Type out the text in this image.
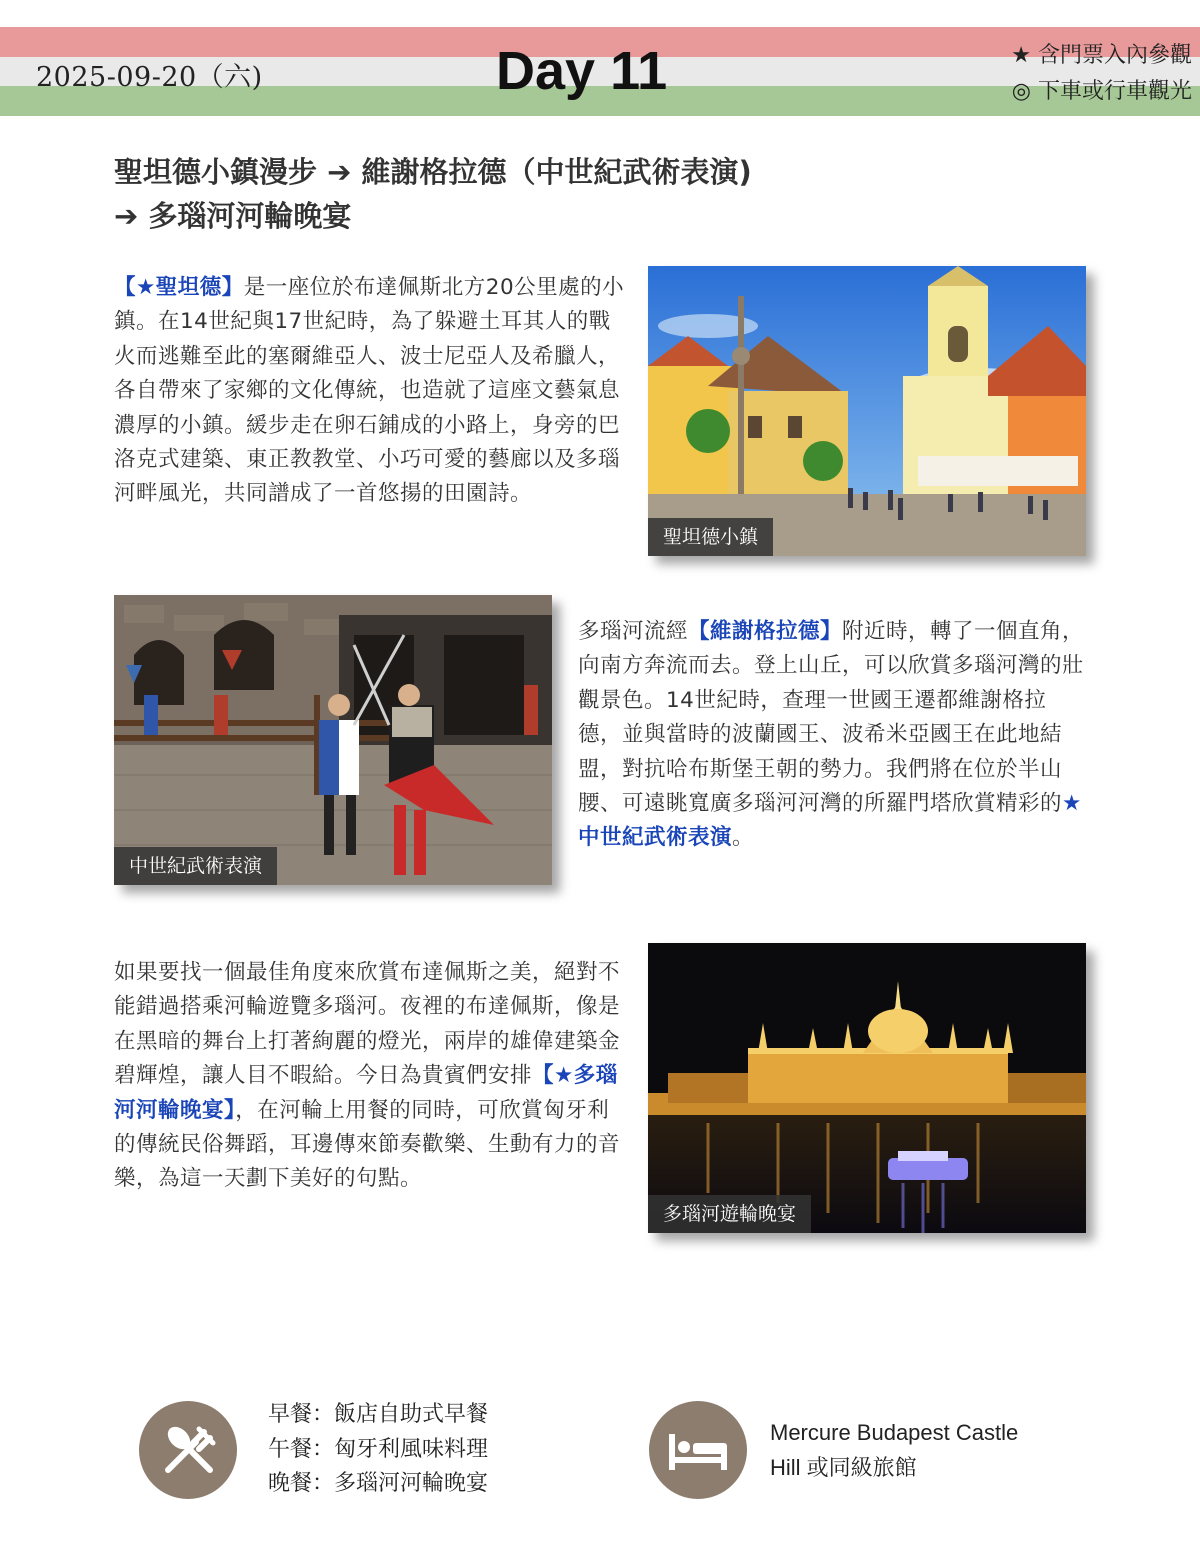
2025-09-20（六)	Day 11	★ 含門票入內參觀
◎ 下車或行車觀光
聖坦德小鎮漫步 ➔ 維謝格拉德（中世紀武術表演)
➔ 多瑙河河輪晚宴
【★聖坦德】是一座位於布達佩斯北方20公里處的小鎮。在14世紀與17世紀時，為了躲避土耳其人的戰火而逃難至此的塞爾維亞人、波士尼亞人及希臘人，各自帶來了家鄉的文化傳統，也造就了這座文藝氣息濃厚的小鎮。緩步走在卵石鋪成的小路上，身旁的巴洛克式建築、東正教教堂、小巧可愛的藝廊以及多瑙河畔風光，共同譜成了一首悠揚的田園詩。
聖坦德小鎮
中世紀武術表演
多瑙河流經【維謝格拉德】附近時，轉了一個直角，向南方奔流而去。登上山丘，可以欣賞多瑙河灣的壯觀景色。14世紀時，查理一世國王遷都維謝格拉德，並與當時的波蘭國王、波希米亞國王在此地結盟，對抗哈布斯堡王朝的勢力。我們將在位於半山腰、可遠眺寬廣多瑙河河灣的所羅門塔欣賞精彩的★中世紀武術表演。
如果要找一個最佳角度來欣賞布達佩斯之美，絕對不能錯過搭乘河輪遊覽多瑙河。夜裡的布達佩斯，像是在黑暗的舞台上打著絢麗的燈光，兩岸的雄偉建築金碧輝煌，讓人目不暇給。今日為貴賓們安排【★多瑙河河輪晚宴】，在河輪上用餐的同時，可欣賞匈牙利的傳統民俗舞蹈，耳邊傳來節奏歡樂、生動有力的音樂，為這一天劃下美好的句點。
多瑙河遊輪晚宴
早餐：飯店自助式早餐
午餐：匈牙利風味料理
晚餐：多瑙河河輪晚宴
Mercure Budapest Castle
Hill 或同級旅館
